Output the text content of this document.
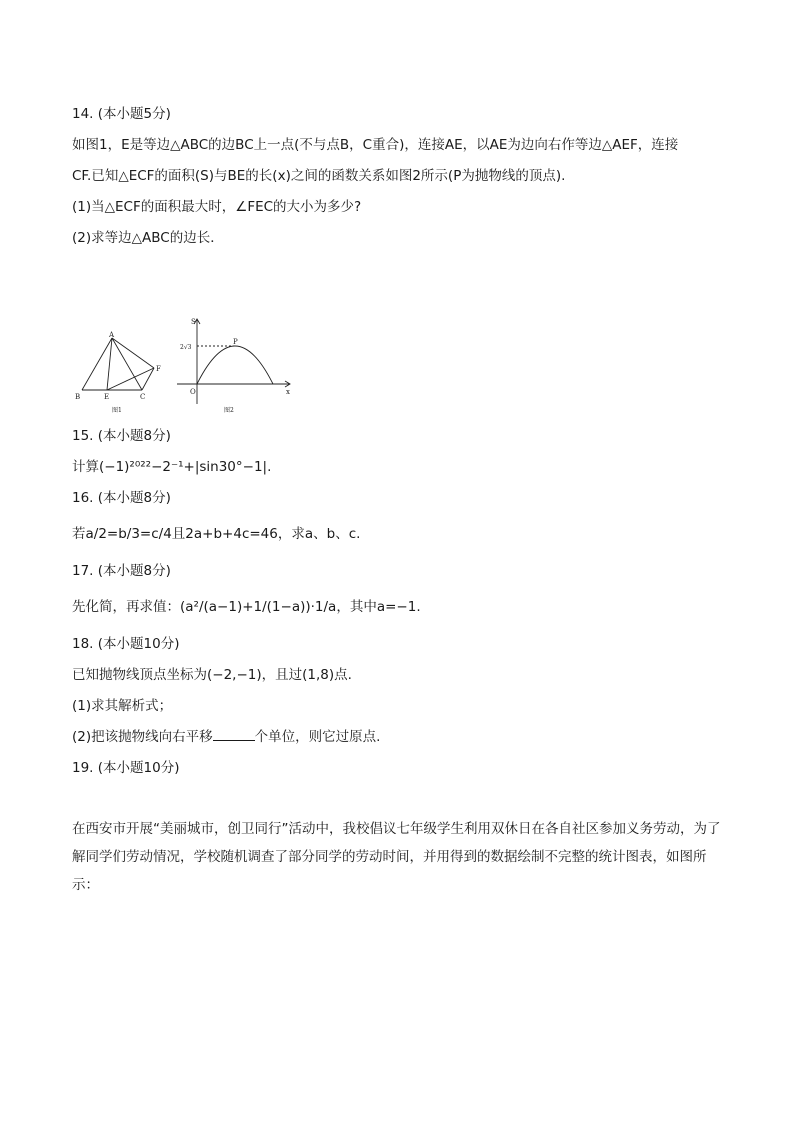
14. (本小题5分)
如图1，E是等边△ABC的边BC上一点(不与点B，C重合)，连接AE，以AE为边向右作等边△AEF，连接
CF.已知△ECF的面积(S)与BE的长(x)之间的函数关系如图2所示(P为抛物线的顶点).
(1)当△ECF的面积最大时，∠FEC的大小为多少?
(2)求等边△ABC的边长．
A
B	E	C
F
图1
S
2√3
P
O	x
图2
15. (本小题8分)
计算(−1)²⁰²²−2⁻¹+|sin30°−1|.
16. (本小题8分)
若a/2=b/3=c/4且2a+b+4c=46，求a、b、c.
17. (本小题8分)
先化简，再求值：(a²/(a−1)+1/(1−a))·1/a，其中a=−1.
18. (本小题10分)
已知抛物线顶点坐标为(−2,−1)，且过(1,8)点.
(1)求其解析式；
(2)把该抛物线向右平移	个单位，则它过原点.
19. (本小题10分)
在西安市开展“美丽城市，创卫同行”活动中，我校倡议七年级学生利用双休日在各自社区参加义务劳动，为了解同学们劳动情况，学校随机调查了部分同学的劳动时间，并用得到的数据绘制不完整的统计图表，如图所示：
